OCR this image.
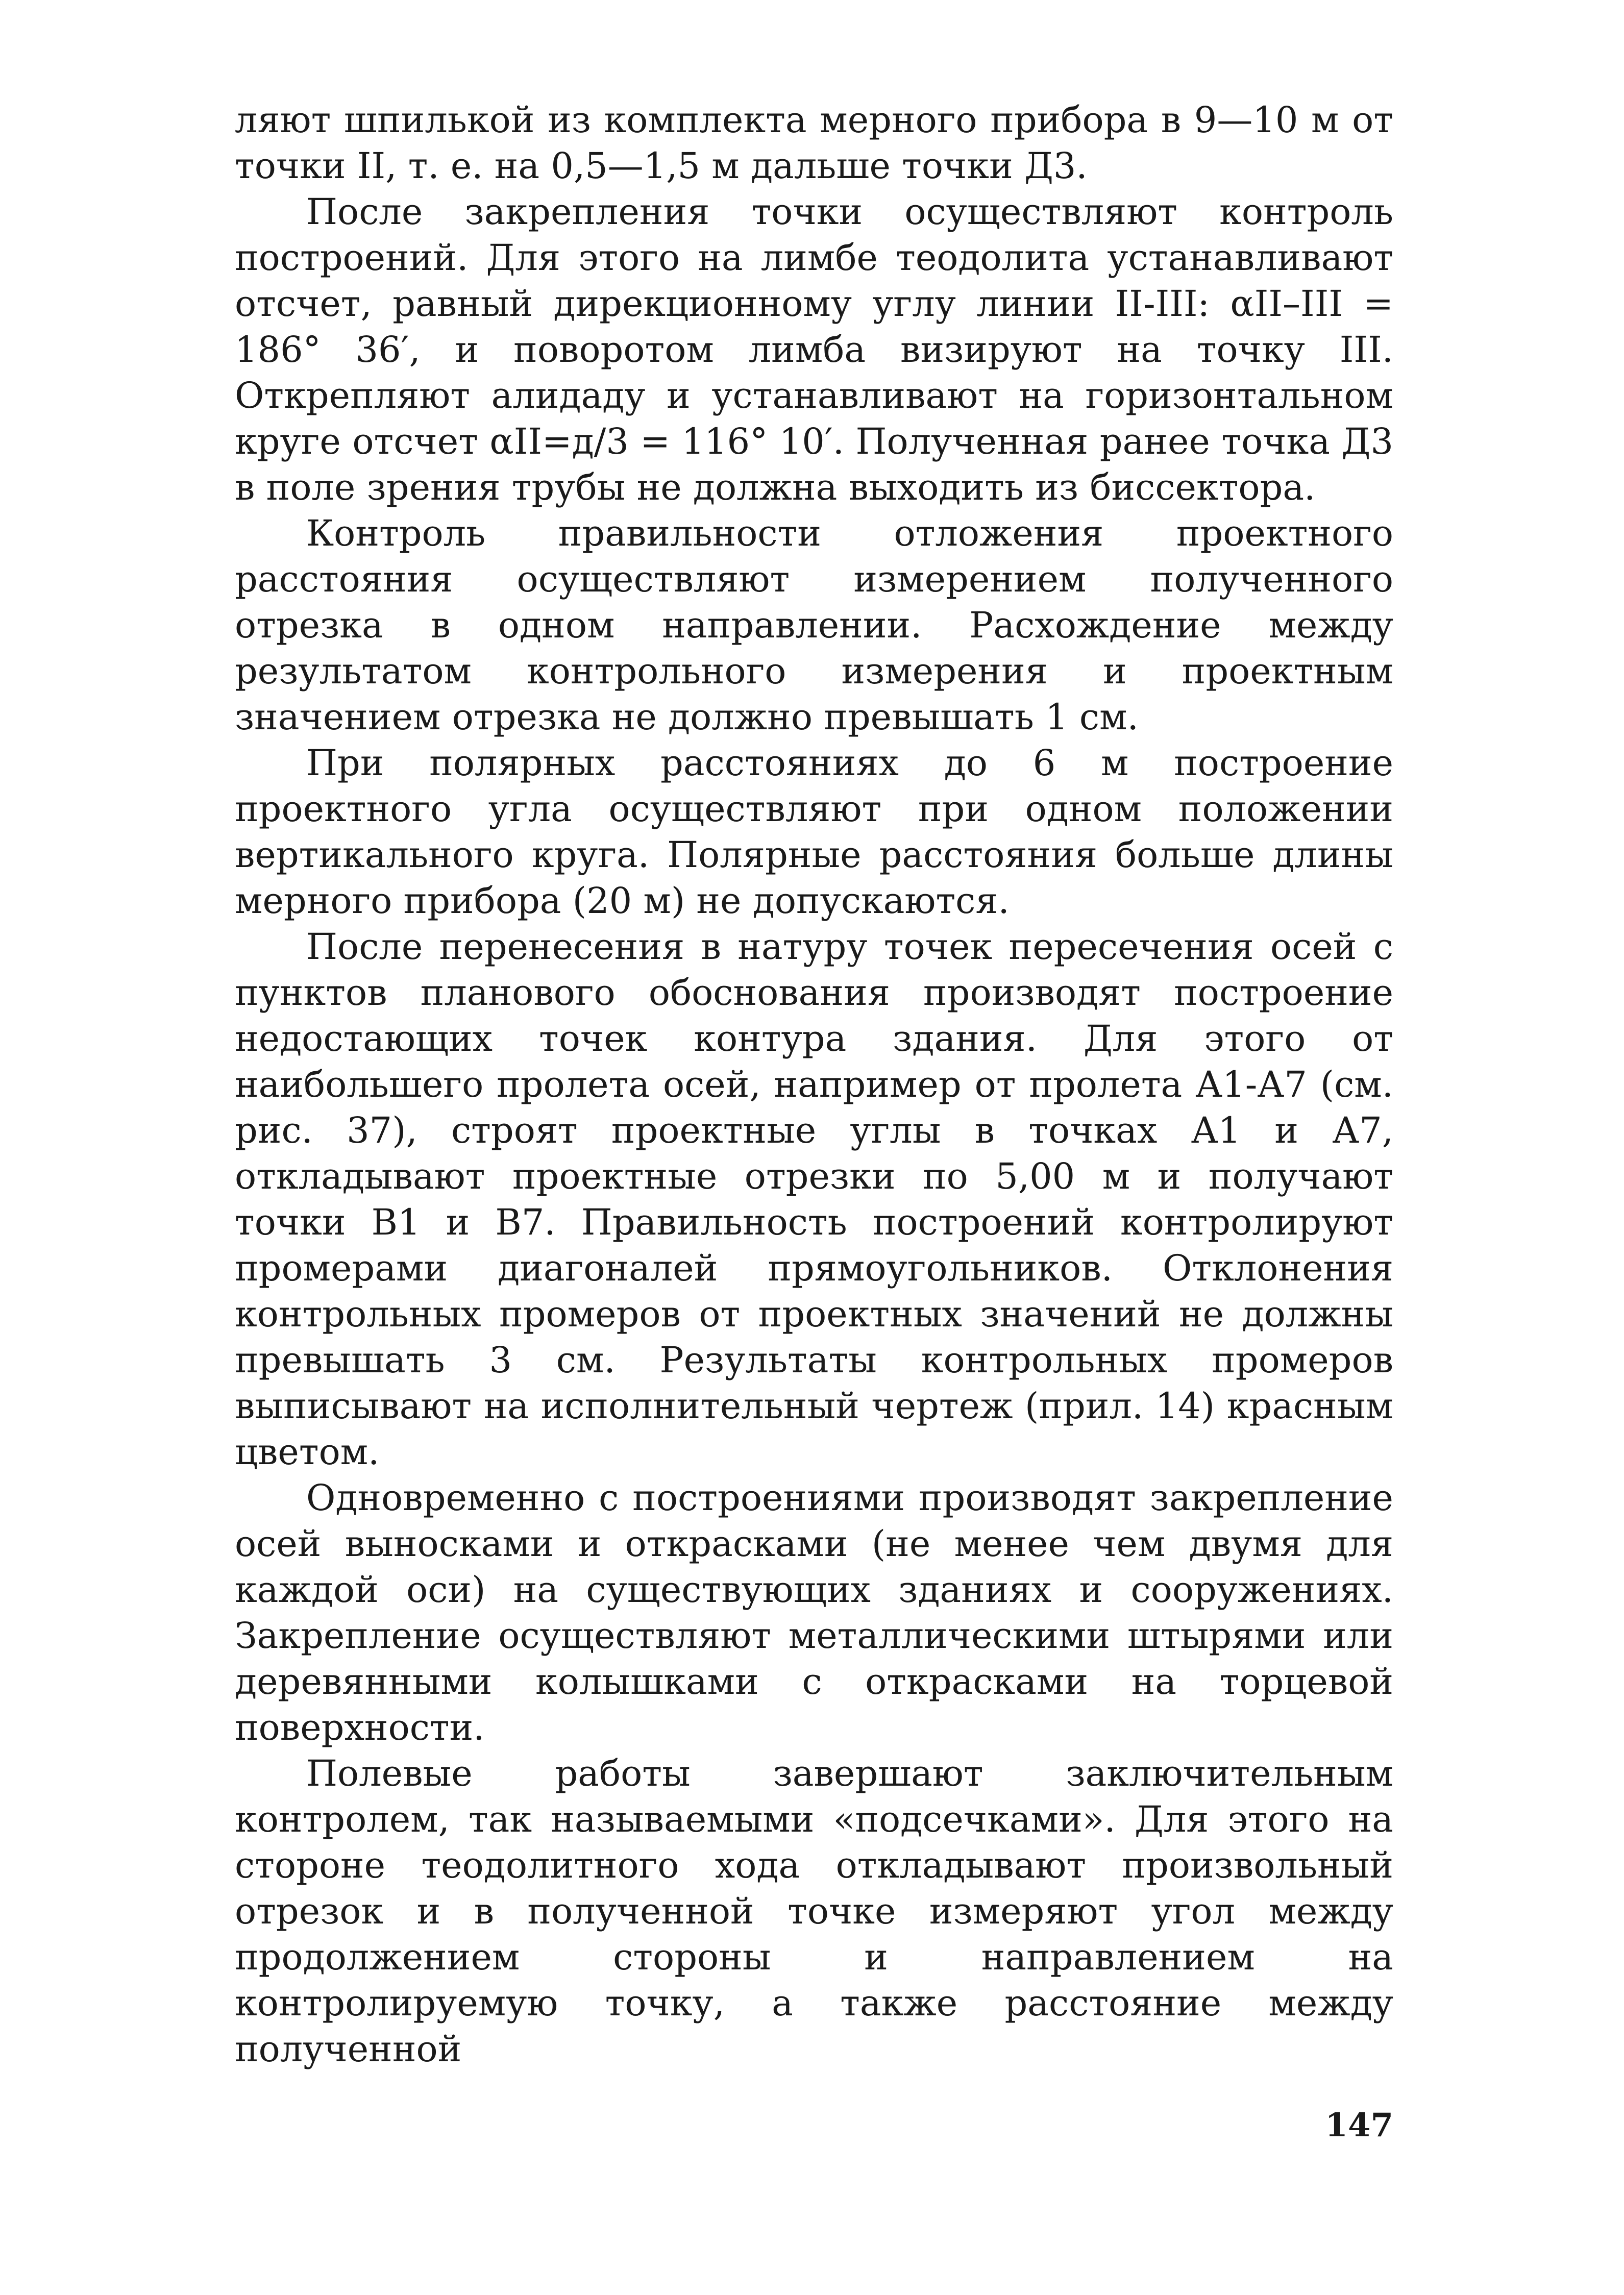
ляют шпилькой из комплекта мерного прибора в 9—10 м от точки II, т. е. на 0,5—1,5 м дальше точки Д3.

После закрепления точки осуществляют контроль построений. Для этого на лимбе теодолита устанавливают отсчет, равный дирекционному углу линии II-III: αII–III = 186° 36′, и поворотом лимба визируют на точку III. Открепляют алидаду и устанавливают на горизонтальном круге отсчет αII=д/3 = 116° 10′. Полученная ранее точка Д3 в поле зрения трубы не должна выходить из биссектора.

Контроль правильности отложения проектного расстояния осуществляют измерением полученного отрезка в одном направлении. Расхождение между результатом контрольного измерения и проектным значением отрезка не должно превышать 1 см.

При полярных расстояниях до 6 м построение проектного угла осуществляют при одном положении вертикального круга. Полярные расстояния больше длины мерного прибора (20 м) не допускаются.

После перенесения в натуру точек пересечения осей с пунктов планового обоснования производят построение недостающих точек контура здания. Для этого от наибольшего пролета осей, например от пролета А1-А7 (см. рис. 37), строят проектные углы в точках А1 и А7, откладывают проектные отрезки по 5,00 м и получают точки В1 и В7. Правильность построений контролируют промерами диагоналей прямоугольников. Отклонения контрольных промеров от проектных значений не должны превышать 3 см. Результаты контрольных промеров выписывают на исполнительный чертеж (прил. 14) красным цветом.

Одновременно с построениями производят закрепление осей выносками и открасками (не менее чем двумя для каждой оси) на существующих зданиях и сооружениях. Закрепление осуществляют металлическими штырями или деревянными колышками с открасками на торцевой поверхности.

Полевые работы завершают заключительным контролем, так называемыми «подсечками». Для этого на стороне теодолитного хода откладывают произвольный отрезок и в полученной точке измеряют угол между продолжением стороны и направлением на контролируемую точку, а также расстояние между полученной

147
